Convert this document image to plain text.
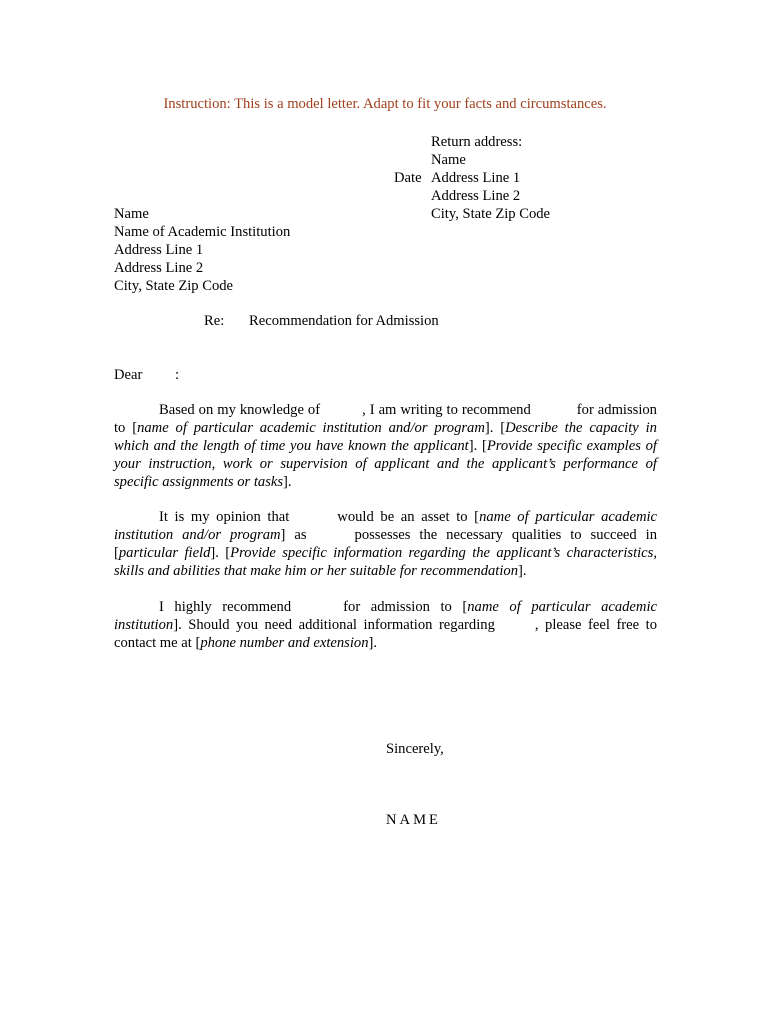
Instruction: This is a model letter. Adapt to fit your facts and circumstances.
Return address:
Name
Address Line 1
Address Line 2
City, State Zip Code
Date
Name
Name of Academic Institution
Address Line 1
Address Line 2
City, State Zip Code
Re: Recommendation for Admission
Dear :
Based on my knowledge of	, I am writing to recommend	for admission to [name of particular academic institution and/or program]. [Describe the capacity in which and the length of time you have known the applicant]. [Provide specific examples of your instruction, work or supervision of applicant and the applicant’s performance of specific assignments or tasks].
It is my opinion that	would be an asset to [name of particular academic institution and/or program] as	possesses the necessary qualities to succeed in [particular field]. [Provide specific information regarding the applicant’s characteristics, skills and abilities that make him or her suitable for recommendation].
I highly recommend	for admission to [name of particular academic institution]. Should you need additional information regarding	, please feel free to contact me at [phone number and extension].
Sincerely,
NAME
